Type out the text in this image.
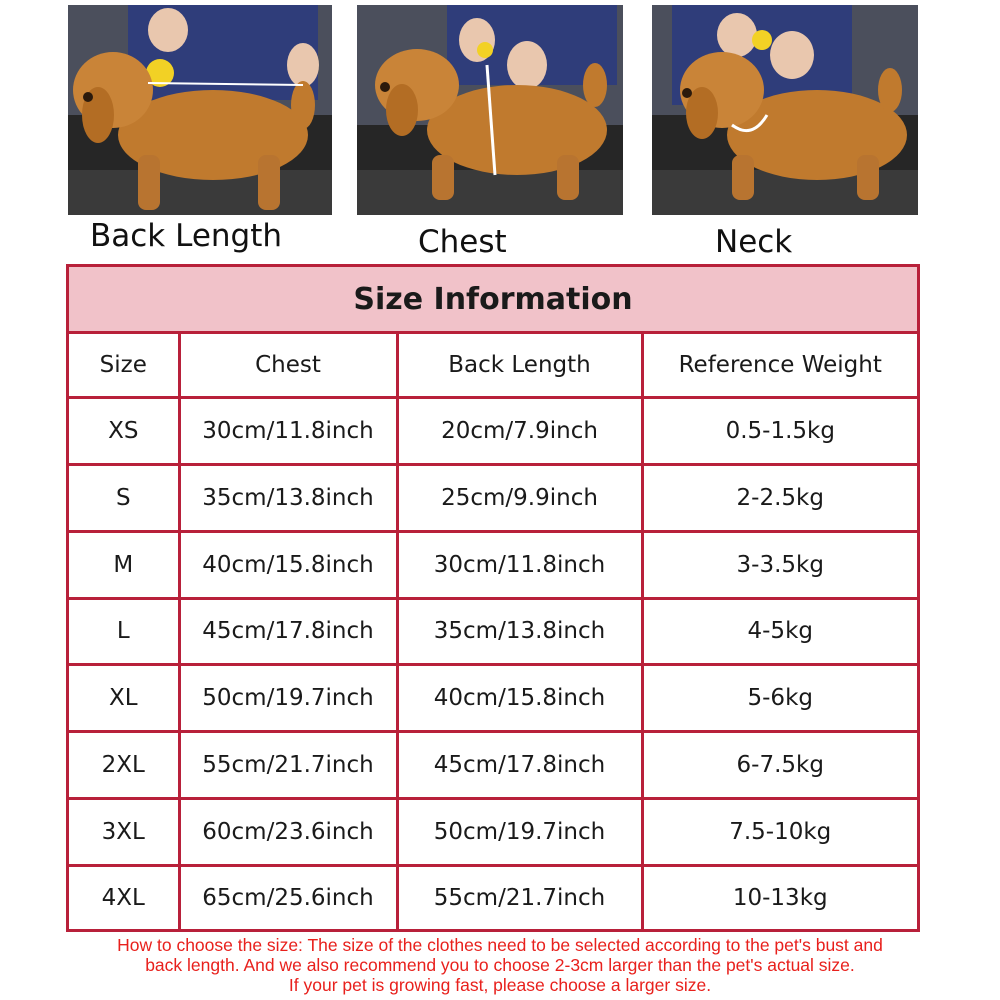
Back Length	Chest	Neck
Size Information
Size	Chest	Back Length	Reference Weight
XS	30cm/11.8inch	20cm/7.9inch	0.5-1.5kg
S	35cm/13.8inch	25cm/9.9inch	2-2.5kg
M	40cm/15.8inch	30cm/11.8inch	3-3.5kg
L	45cm/17.8inch	35cm/13.8inch	4-5kg
XL	50cm/19.7inch	40cm/15.8inch	5-6kg
2XL	55cm/21.7inch	45cm/17.8inch	6-7.5kg
3XL	60cm/23.6inch	50cm/19.7inch	7.5-10kg
4XL	65cm/25.6inch	55cm/21.7inch	10-13kg
How to choose the size: The size of the clothes need to be selected according to the pet's bust and
back length. And we also recommend you to choose 2-3cm larger than the pet's actual size.
If your pet is growing fast, please choose a larger size.
